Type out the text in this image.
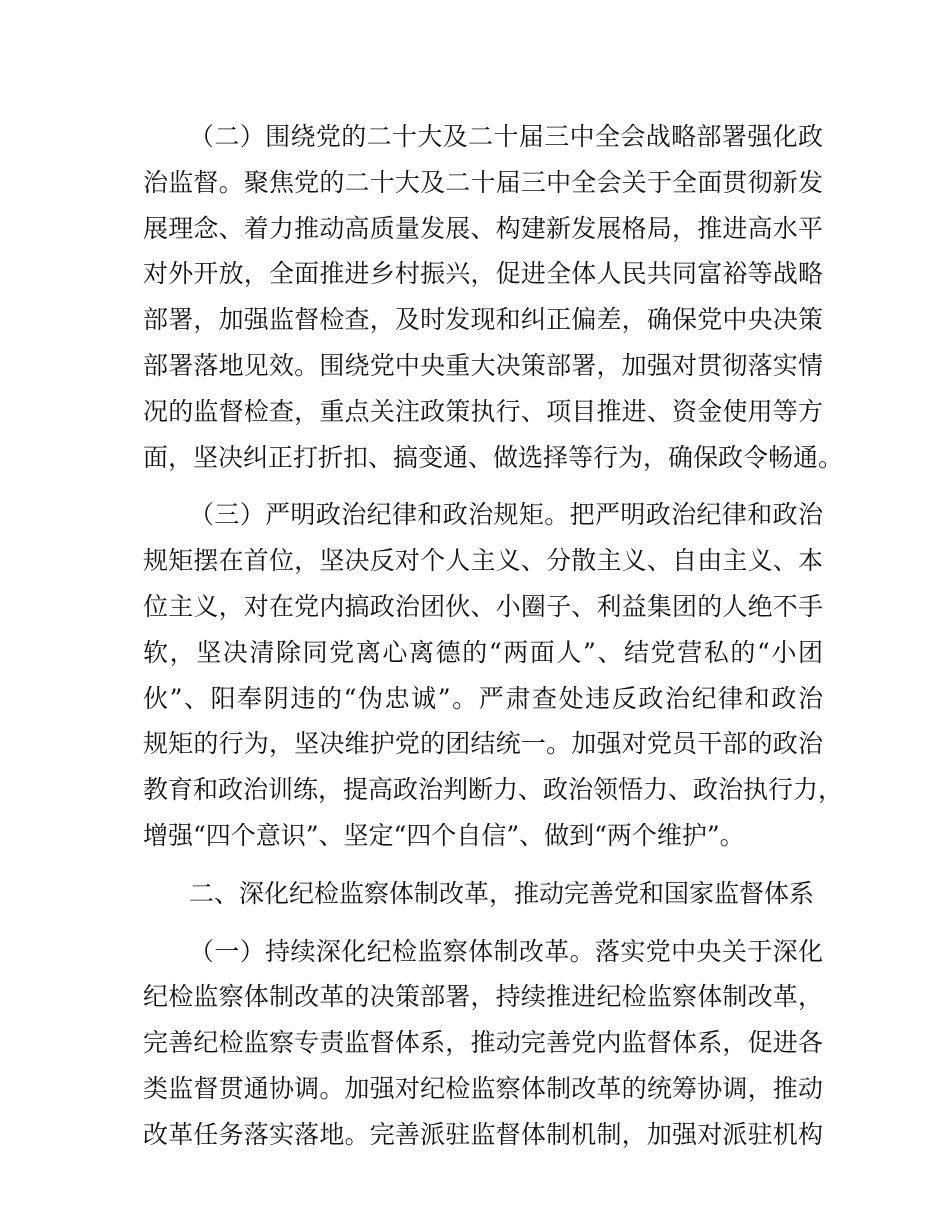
（二）围绕党的二十大及二十届三中全会战略部署强化政
治监督。聚焦党的二十大及二十届三中全会关于全面贯彻新发
展理念、着力推动高质量发展、构建新发展格局，推进高水平
对外开放，全面推进乡村振兴，促进全体人民共同富裕等战略
部署，加强监督检查，及时发现和纠正偏差，确保党中央决策
部署落地见效。围绕党中央重大决策部署，加强对贯彻落实情
况的监督检查，重点关注政策执行、项目推进、资金使用等方
面，坚决纠正打折扣、搞变通、做选择等行为，确保政令畅通。
（三）严明政治纪律和政治规矩。把严明政治纪律和政治
规矩摆在首位，坚决反对个人主义、分散主义、自由主义、本
位主义，对在党内搞政治团伙、小圈子、利益集团的人绝不手
软，坚决清除同党离心离德的“两面人”、结党营私的“小团
伙”、阳奉阴违的“伪忠诚”。严肃查处违反政治纪律和政治
规矩的行为，坚决维护党的团结统一。加强对党员干部的政治
教育和政治训练，提高政治判断力、政治领悟力、政治执行力，
增强“四个意识”、坚定“四个自信”、做到“两个维护”。
二、深化纪检监察体制改革，推动完善党和国家监督体系
（一）持续深化纪检监察体制改革。落实党中央关于深化
纪检监察体制改革的决策部署，持续推进纪检监察体制改革，
完善纪检监察专责监督体系，推动完善党内监督体系，促进各
类监督贯通协调。加强对纪检监察体制改革的统筹协调，推动
改革任务落实落地。完善派驻监督体制机制，加强对派驻机构
